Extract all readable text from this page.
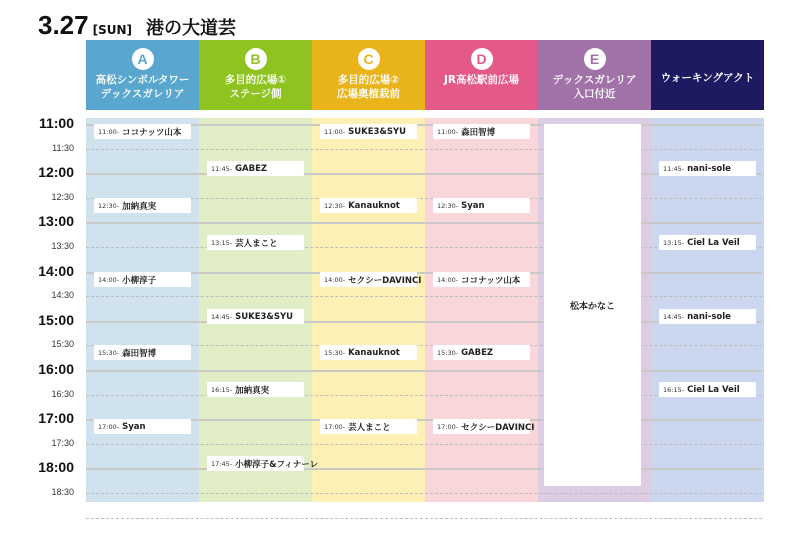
3.27 [SUN] 港の大道芸
A
高松シンボルタワー
デックスガレリア
B
多目的広場①
ステージ側
C
多目的広場②
広場奥植栽前
D
JR高松駅前広場
E
デックスガレリア
入口付近
ウォーキングアクト
11:00
11:30
12:00
12:30
13:00
13:30
14:00
14:30
15:00
15:30
16:00
16:30
17:00
17:30
18:00
18:30
11:00- ココナッツ山本
12:30- 加納真実
14:00- 小柳淳子
15:30- 森田智博
17:00- Syan
11:45- GABEZ
13:15- 芸人まこと
14:45- SUKE3&SYU
16:15- 加納真実
17:45- 小柳淳子&フィナーレ
11:00- SUKE3&SYU
12:30- Kanauknot
14:00- セクシーDAVINCI
15:30- Kanauknot
17:00- 芸人まこと
11:00- 森田智博
12:30- Syan
14:00- ココナッツ山本
15:30- GABEZ
17:00- セクシーDAVINCI
11:45- nani-sole
13:15- Ciel La Veil
14:45- nani-sole
16:15- Ciel La Veil
松本かなこ
